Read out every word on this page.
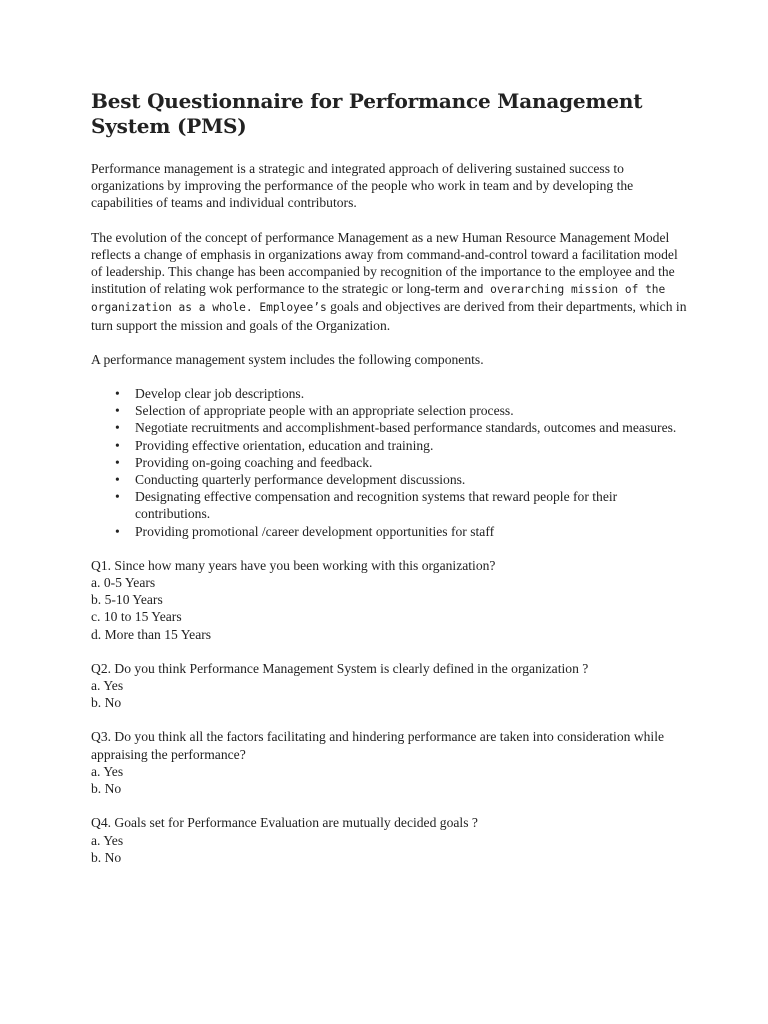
Best Questionnaire for Performance Management System (PMS)

Performance management is a strategic and integrated approach of delivering sustained success to organizations by improving the performance of the people who work in team and by developing the capabilities of teams and individual contributors.

The evolution of the concept of performance Management as a new Human Resource Management Model reflects a change of emphasis in organizations away from command-and-control toward a facilitation model of leadership. This change has been accompanied by recognition of the importance to the employee and the institution of relating wok performance to the strategic or long-term and overarching mission of the organization as a whole. Employee’s goals and objectives are derived from their departments, which in turn support the mission and goals of the Organization.

A performance management system includes the following components.

• Develop clear job descriptions.
• Selection of appropriate people with an appropriate selection process.
• Negotiate recruitments and accomplishment-based performance standards, outcomes and measures.
• Providing effective orientation, education and training.
• Providing on-going coaching and feedback.
• Conducting quarterly performance development discussions.
• Designating effective compensation and recognition systems that reward people for their contributions.
• Providing promotional /career development opportunities for staff
Q1. Since how many years have you been working with this organization?
a. 0-5 Years
b. 5-10 Years
c. 10 to 15 Years
d. More than 15 Years
Q2. Do you think Performance Management System is clearly defined in the organization ?
a. Yes
b. No
Q3. Do you think all the factors facilitating and hindering performance are taken into consideration while appraising the performance?
a. Yes
b. No
Q4. Goals set for Performance Evaluation are mutually decided goals ?
a. Yes
b. No
